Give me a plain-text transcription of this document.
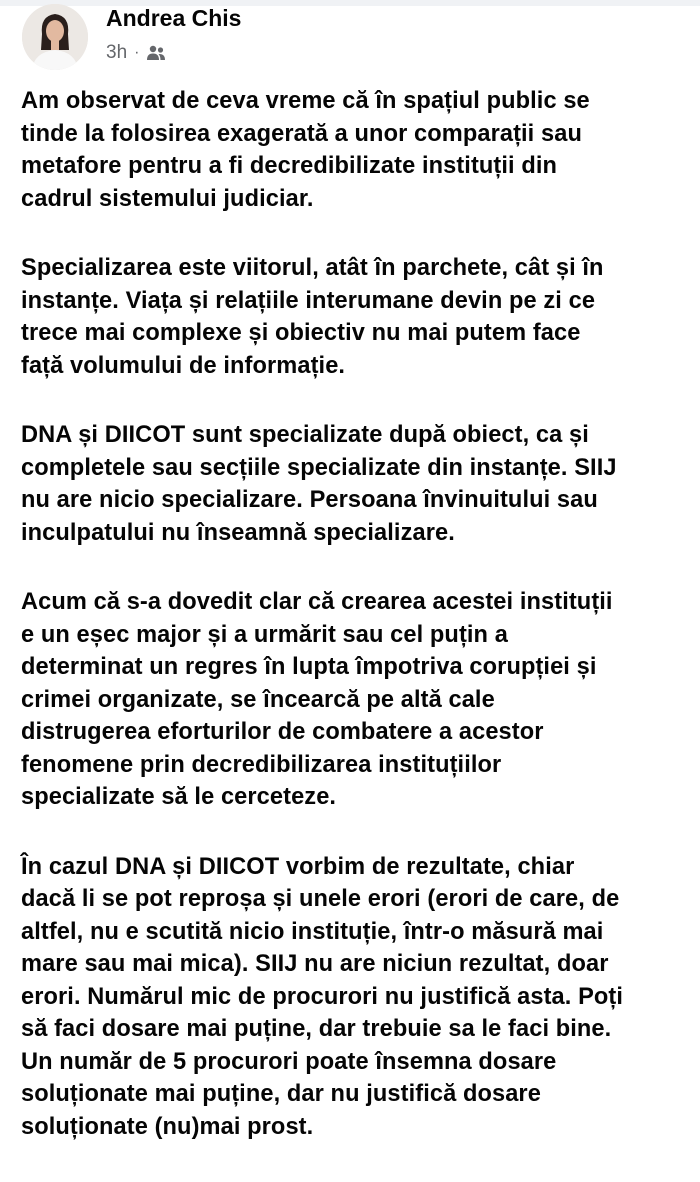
Andrea Chis
3h ·

Am observat de ceva vreme că în spațiul public se
tinde la folosirea exagerată a unor comparații sau
metafore pentru a fi decredibilizate instituții din
cadrul sistemului judiciar.

Specializarea este viitorul, atât în parchete, cât și în
instanțe. Viața și relațiile interumane devin pe zi ce
trece mai complexe și obiectiv nu mai putem face
față volumului de informație.

DNA și DIICOT sunt specializate după obiect, ca și
completele sau secțiile specializate din instanțe. SIIJ
nu are nicio specializare. Persoana învinuitului sau
inculpatului nu înseamnă specializare.

Acum că s-a dovedit clar că crearea acestei instituții
e un eșec major și a urmărit sau cel puțin a
determinat un regres în lupta împotriva corupției și
crimei organizate, se încearcă pe altă cale
distrugerea eforturilor de combatere a acestor
fenomene prin decredibilizarea instituțiilor
specializate să le cerceteze.

În cazul DNA și DIICOT vorbim de rezultate, chiar
dacă li se pot reproșa și unele erori (erori de care, de
altfel, nu e scutită nicio instituție, într-o măsură mai
mare sau mai mica). SIIJ nu are niciun rezultat, doar
erori. Numărul mic de procurori nu justifică asta. Poți
să faci dosare mai puține, dar trebuie sa le faci bine.
Un număr de 5 procurori poate însemna dosare
soluționate mai puține, dar nu justifică dosare
soluționate (nu)mai prost.
